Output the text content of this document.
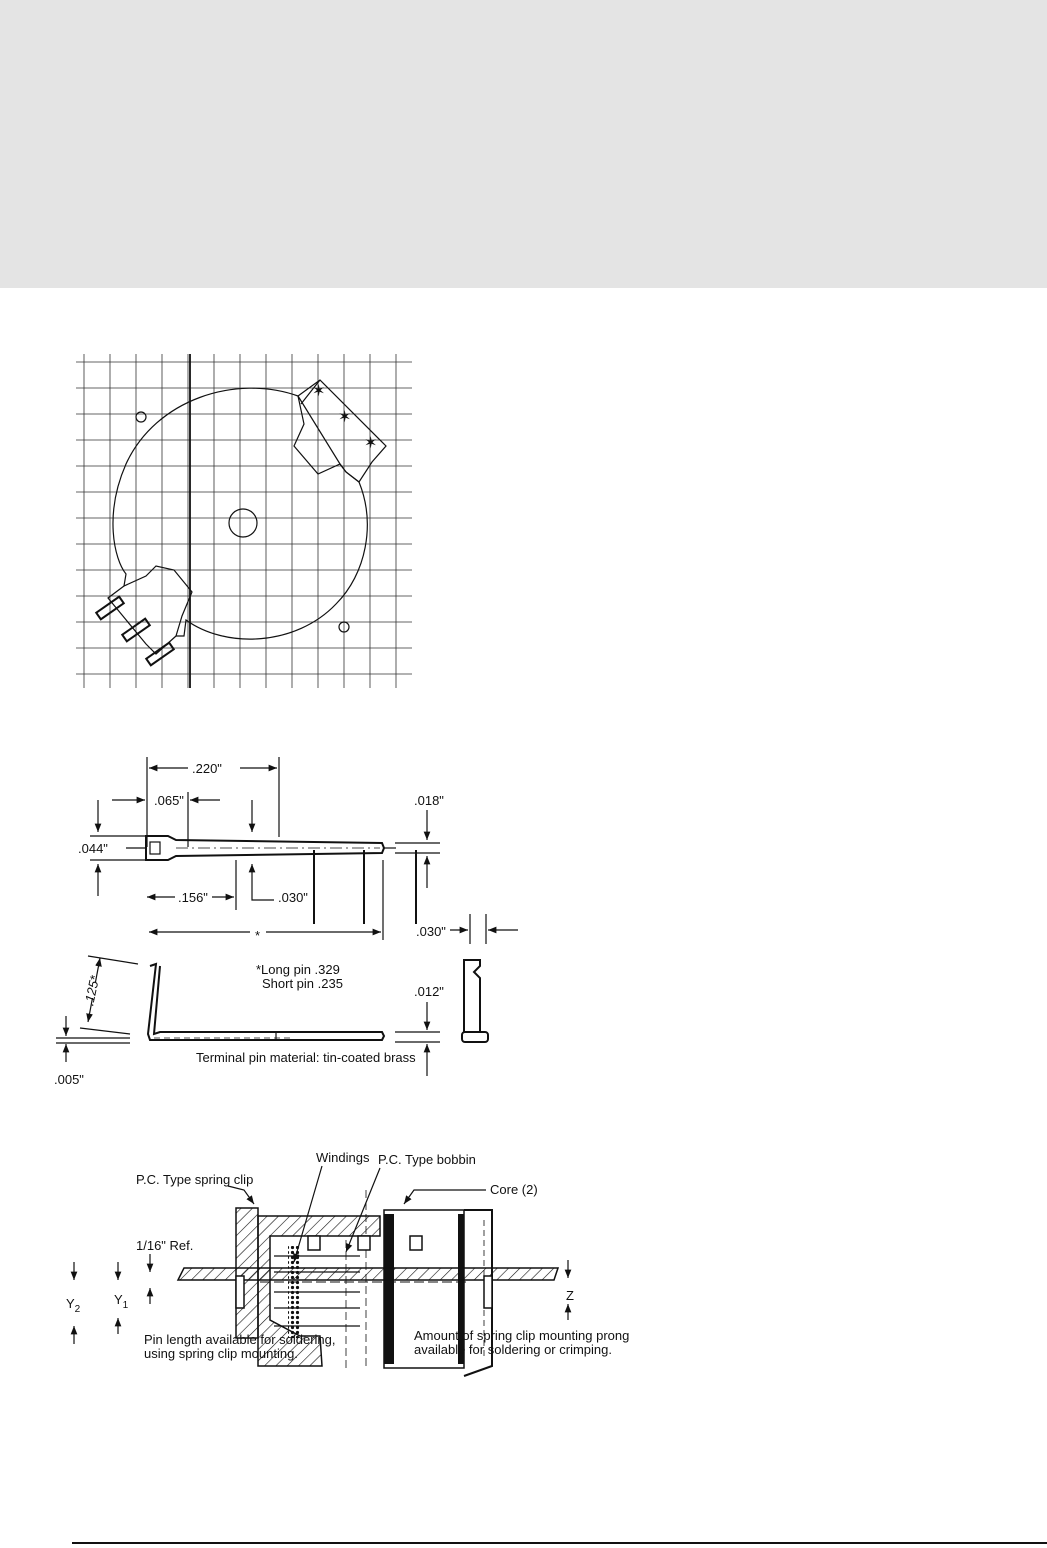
✶
✶
✶
.220"
.065"
.044"
.018"
.156"	.030"
*	.030"
*Long pin .329
Short pin .235
.125*	.012"
.005"
Terminal pin material: tin-coated brass
Windings P.C. Type bobbin
P.C. Type spring clip
Core (2)
1/16" Ref.
$Y_2$
$Y_1$
Z
Pin length available for soldering,
using spring clip mounting.
Amount of spring clip mounting prong
available for soldering or crimping.
